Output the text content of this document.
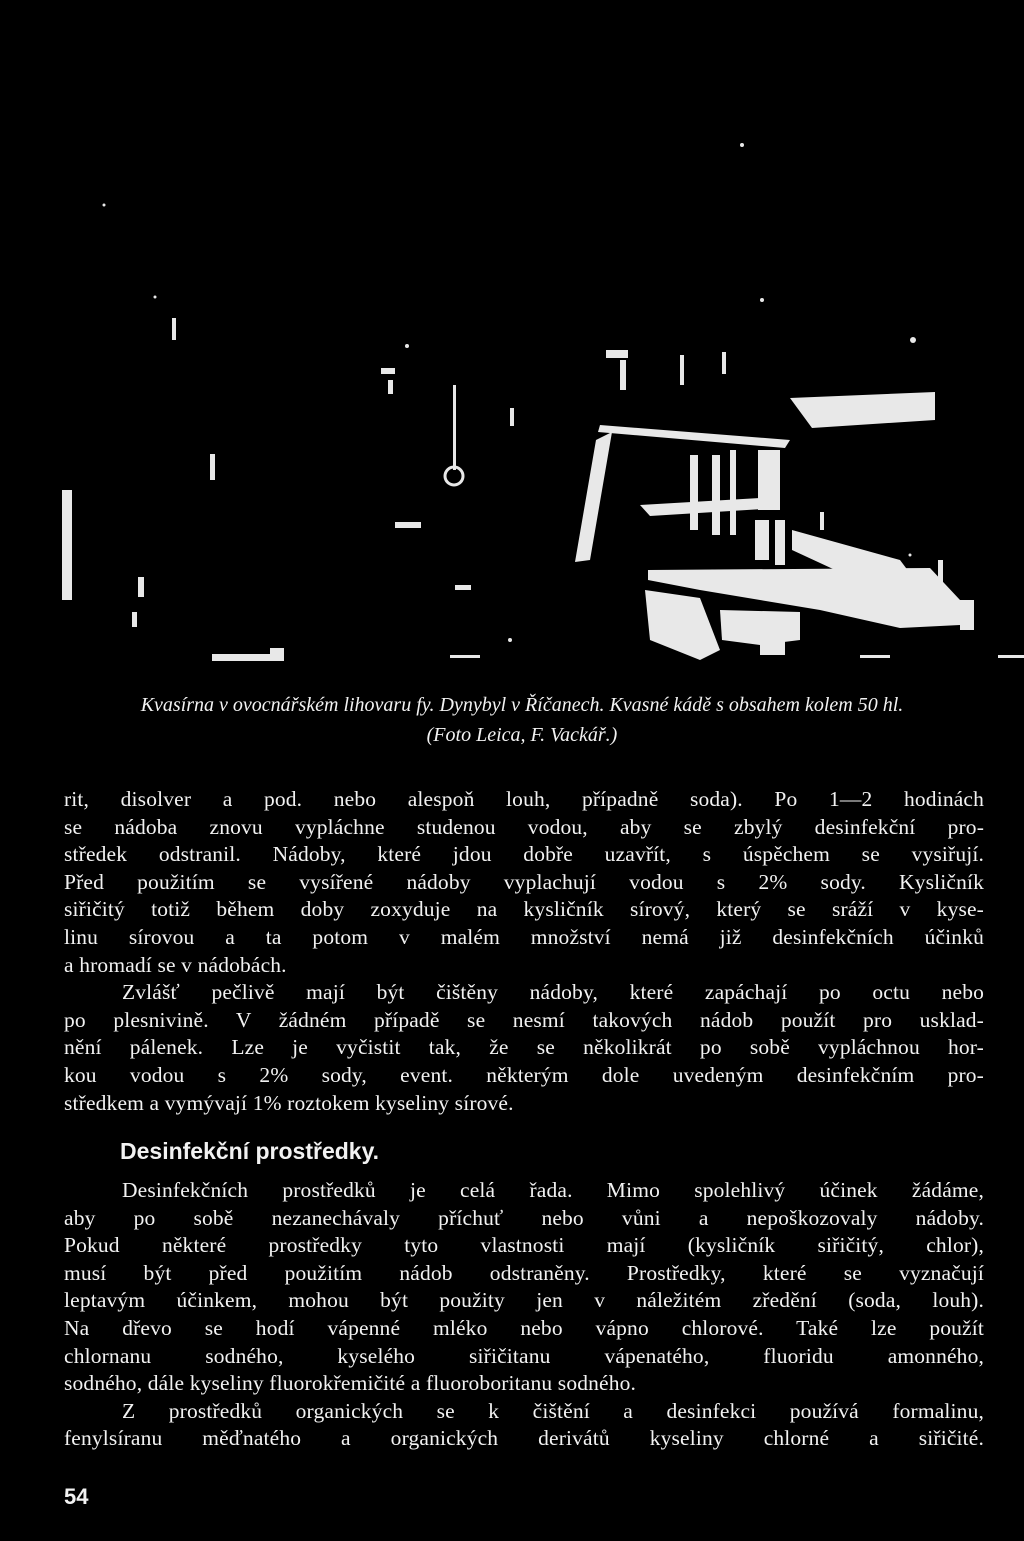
Kvasírna v ovocnářském lihovaru fy. Dynybyl v Říčanech. Kvasné kádě s obsahem kolem 50 hl.
(Foto Leica, F. Vackář.)
rit, disolver a pod. nebo alespoň louh, případně soda). Po 1—2 hodinách
se nádoba znovu vypláchne studenou vodou, aby se zbylý desinfekční pro-
středek odstranil. Nádoby, které jdou dobře uzavřít, s úspěchem se vysiřují.
Před použitím se vysířené nádoby vyplachují vodou s 2% sody. Kysličník
siřičitý totiž během doby zoxyduje na kysličník sírový, který se sráží v kyse-
linu sírovou a ta potom v malém množství nemá již desinfekčních účinků
a hromadí se v nádobách.
Zvlášť pečlivě mají být čištěny nádoby, které zapáchají po octu nebo
po plesnivině. V žádném případě se nesmí takových nádob použít pro usklad-
nění pálenek. Lze je vyčistit tak, že se několikrát po sobě vypláchnou hor-
kou vodou s 2% sody, event. některým dole uvedeným desinfekčním pro-
středkem a vymývají 1% roztokem kyseliny sírové.
Desinfekční prostředky.
Desinfekčních prostředků je celá řada. Mimo spolehlivý účinek žádáme,
aby po sobě nezanechávaly příchuť nebo vůni a nepoškozovaly nádoby.
Pokud některé prostředky tyto vlastnosti mají (kysličník siřičitý, chlor),
musí být před použitím nádob odstraněny. Prostředky, které se vyznačují
leptavým účinkem, mohou být použity jen v náležitém zředění (soda, louh).
Na dřevo se hodí vápenné mléko nebo vápno chlorové. Také lze použít
chlornanu sodného, kyselého siřičitanu vápenatého, fluoridu amonného,
sodného, dále kyseliny fluorokřemičité a fluoroboritanu sodného.
Z prostředků organických se k čištění a desinfekci používá formalinu,
fenylsíranu měďnatého a organických derivátů kyseliny chlorné a siřičité.
54
